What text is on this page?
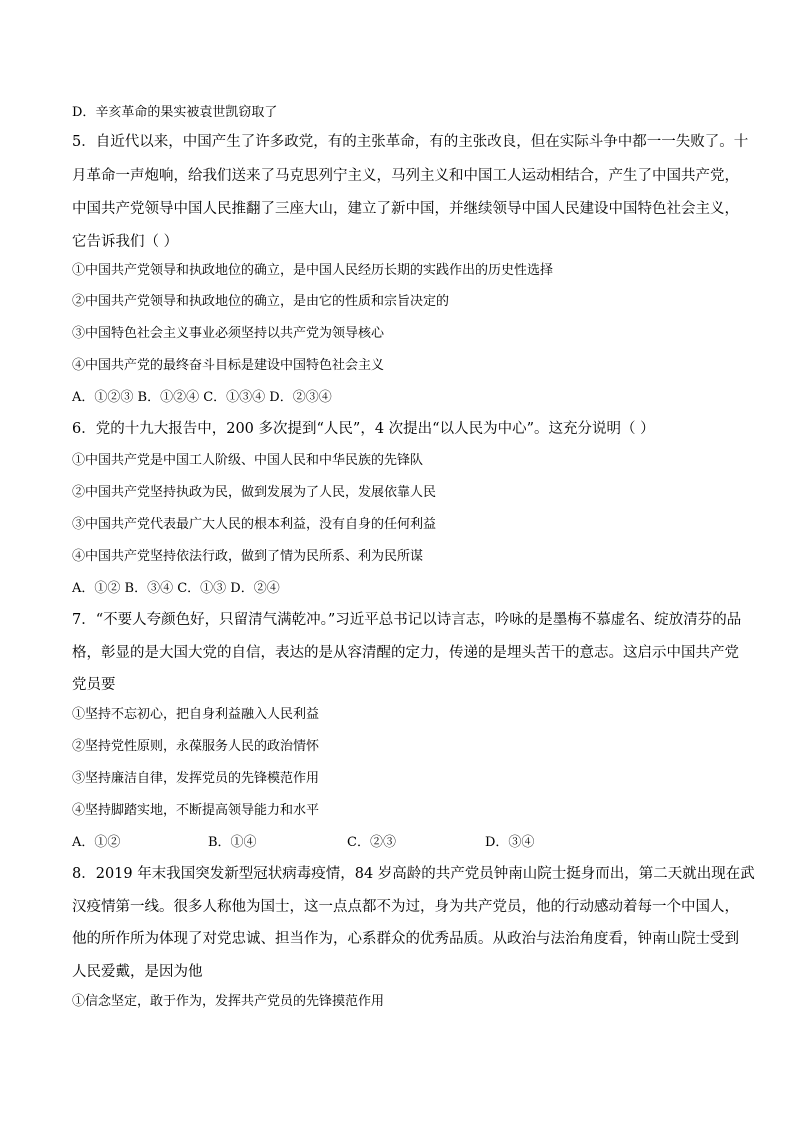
D．辛亥革命的果实被袁世凯窃取了
5．自近代以来，中国产生了许多政党，有的主张革命，有的主张改良，但在实际斗争中都一一失败了。十
月革命一声炮响，给我们送来了马克思列宁主义，马列主义和中国工人运动相结合，产生了中国共产党，
中国共产党领导中国人民推翻了三座大山，建立了新中国，并继续领导中国人民建设中国特色社会主义，
它告诉我们（ ）
①中国共产党领导和执政地位的确立，是中国人民经历长期的实践作出的历史性选择
②中国共产党领导和执政地位的确立，是由它的性质和宗旨决定的
③中国特色社会主义事业必须坚持以共产党为领导核心
④中国共产党的最终奋斗目标是建设中国特色社会主义
A．①②③ B．①②④ C．①③④ D．②③④
6．党的十九大报告中，200 多次提到“人民”，4 次提出“以人民为中心”。这充分说明（ ）
①中国共产党是中国工人阶级、中国人民和中华民族的先锋队
②中国共产党坚持执政为民，做到发展为了人民，发展依靠人民
③中国共产党代表最广大人民的根本利益，没有自身的任何利益
④中国共产党坚持依法行政，做到了情为民所系、利为民所谋
A．①② B．③④ C．①③ D．②④
7．“不要人夸颜色好，只留清气满乾冲。”习近平总书记以诗言志，吟咏的是墨梅不慕虚名、绽放清芬的品
格，彰显的是大国大党的自信，表达的是从容清醒的定力，传递的是埋头苦干的意志。这启示中国共产党
党员要
①坚持不忘初心，把自身利益融入人民利益
②坚持党性原则，永葆服务人民的政治情怀
③坚持廉洁自律，发挥党员的先锋模范作用
④坚持脚踏实地，不断提高领导能力和水平
A．①②	B．①④	C．②③	D．③④
8．2019 年末我国突发新型冠状病毒疫情，84 岁高龄的共产党员钟南山院士挺身而出，第二天就出现在武
汉疫情第一线。很多人称他为国士，这一点点都不为过，身为共产党员，他的行动感动着每一个中国人，
他的所作所为体现了对党忠诚、担当作为，心系群众的优秀品质。从政治与法治角度看，钟南山院士受到
人民爱戴，是因为他
①信念坚定，敢于作为，发挥共产党员的先锋摸范作用
